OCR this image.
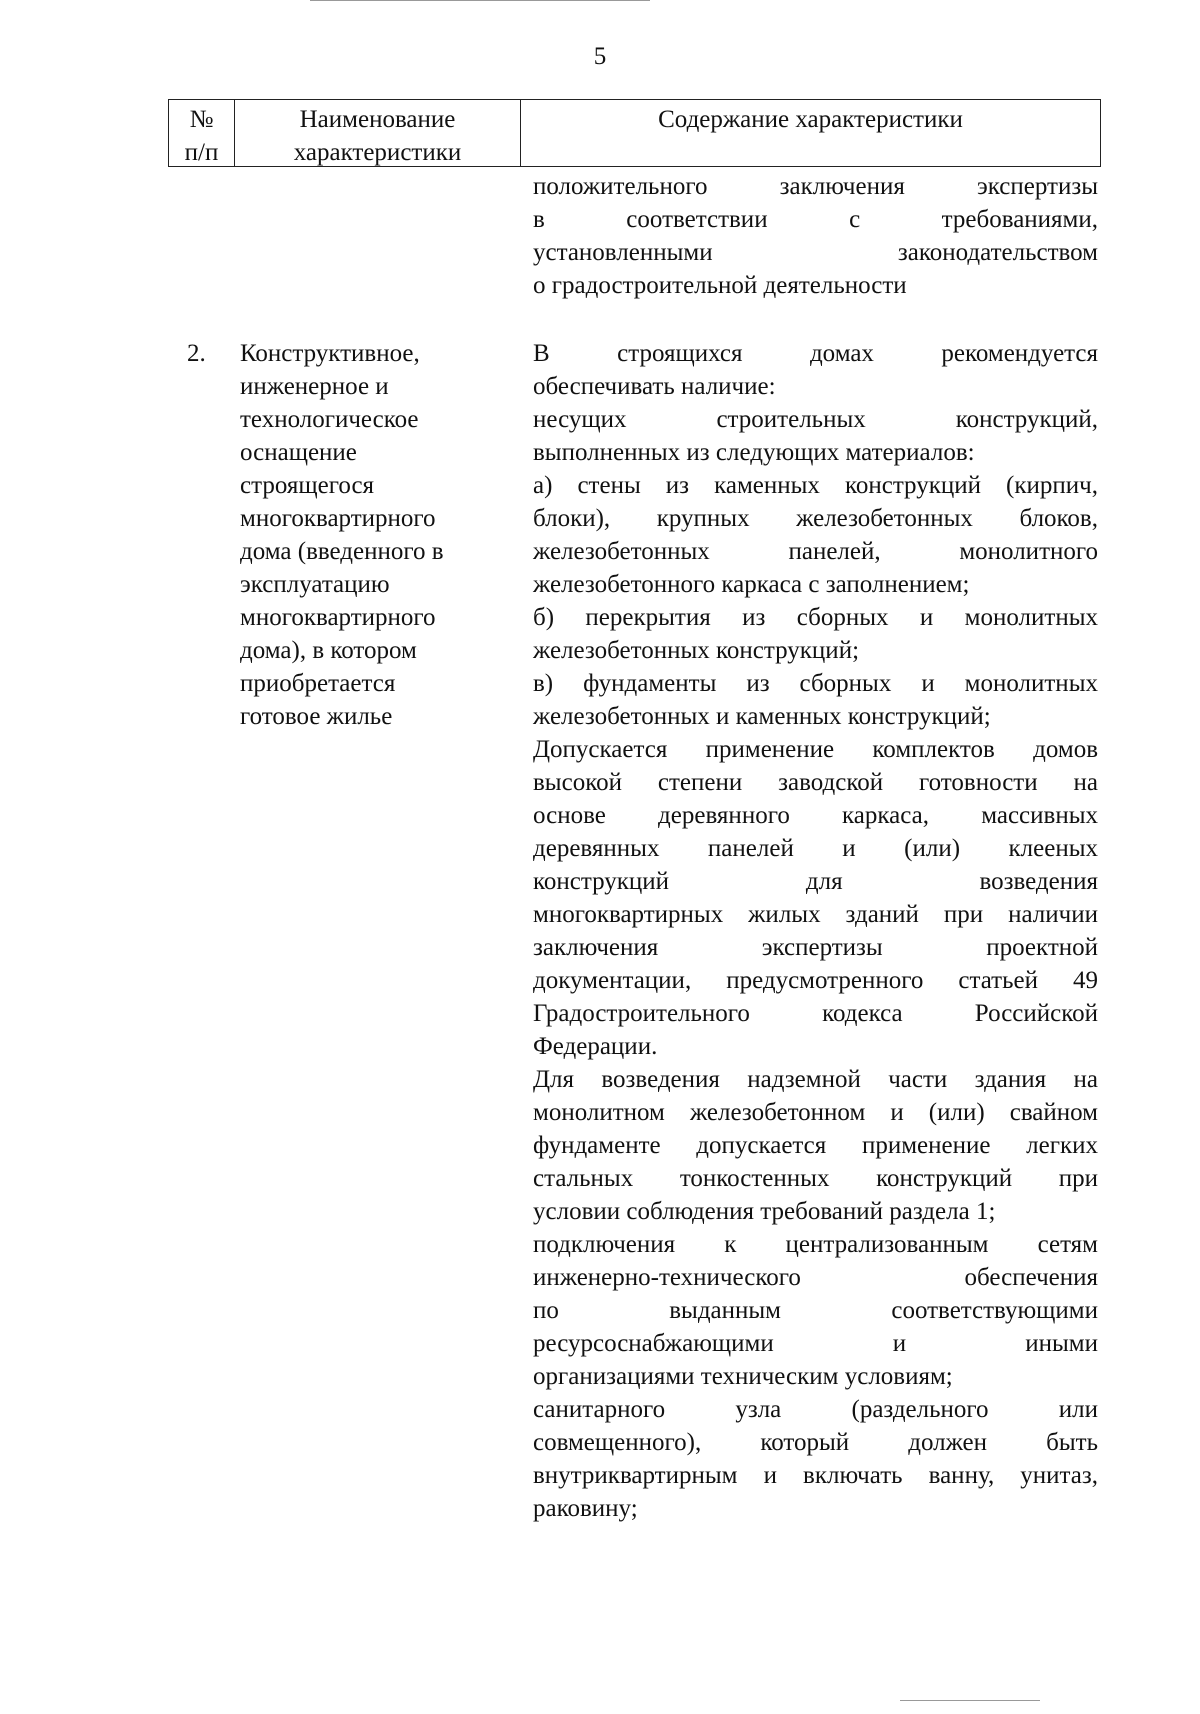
5
№
п/п
Наименование
характеристики
Содержание характеристики
положительного заключения экспертизы
в соответствии с требованиями,
установленными законодательством
о градостроительной деятельности
2. Конструктивное,
инженерное и
технологическое
оснащение
строящегося
многоквартирного
дома (введенного в
эксплуатацию
многоквартирного
дома), в котором
приобретается
готовое жилье
В строящихся домах рекомендуется
обеспечивать наличие:
несущих строительных конструкций,
выполненных из следующих материалов:
а) стены из каменных конструкций (кирпич,
блоки), крупных железобетонных блоков,
железобетонных панелей, монолитного
железобетонного каркаса с заполнением;
б) перекрытия из сборных и монолитных
железобетонных конструкций;
в) фундаменты из сборных и монолитных
железобетонных и каменных конструкций;
Допускается применение комплектов домов
высокой степени заводской готовности на
основе деревянного каркаса, массивных
деревянных панелей и (или) клееных
конструкций для возведения
многоквартирных жилых зданий при наличии
заключения экспертизы проектной
документации, предусмотренного статьей 49
Градостроительного кодекса Российской
Федерации.
Для возведения надземной части здания на
монолитном железобетонном и (или) свайном
фундаменте допускается применение легких
стальных тонкостенных конструкций при
условии соблюдения требований раздела 1;
подключения к централизованным сетям
инженерно-технического обеспечения
по выданным соответствующими
ресурсоснабжающими и иными
организациями техническим условиям;
санитарного узла (раздельного или
совмещенного), который должен быть
внутриквартирным и включать ванну, унитаз,
раковину;
